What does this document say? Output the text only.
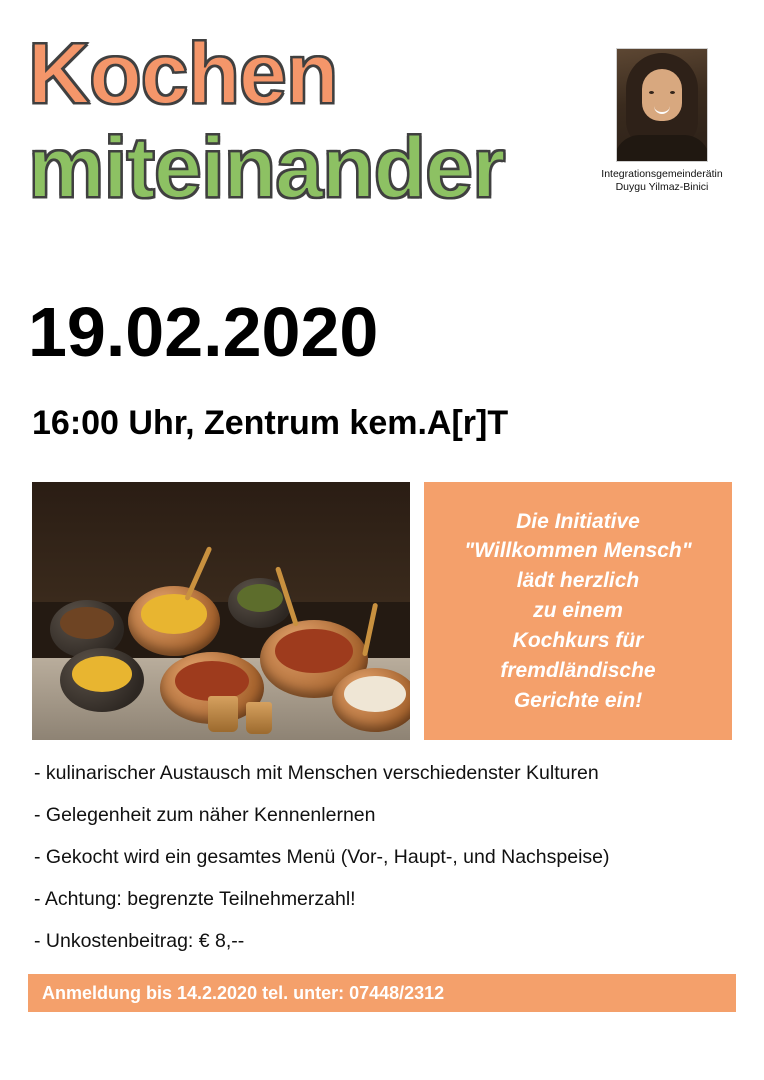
Kochen
miteinander	Integrationsgemeinderätin
Duygu Yilmaz-Binici
19.02.2020
16:00 Uhr, Zentrum kem.A[r]T
Die Initiative
"Willkommen Mensch"
lädt herzlich
zu einem
Kochkurs für
fremdländische
Gerichte ein!
- kulinarischer Austausch mit Menschen verschiedenster Kulturen
- Gelegenheit zum näher Kennenlernen
- Gekocht wird ein gesamtes Menü (Vor-, Haupt-, und Nachspeise)
- Achtung: begrenzte Teilnehmerzahl!
- Unkostenbeitrag: € 8,--
Anmeldung bis 14.2.2020 tel. unter: 07448/2312
